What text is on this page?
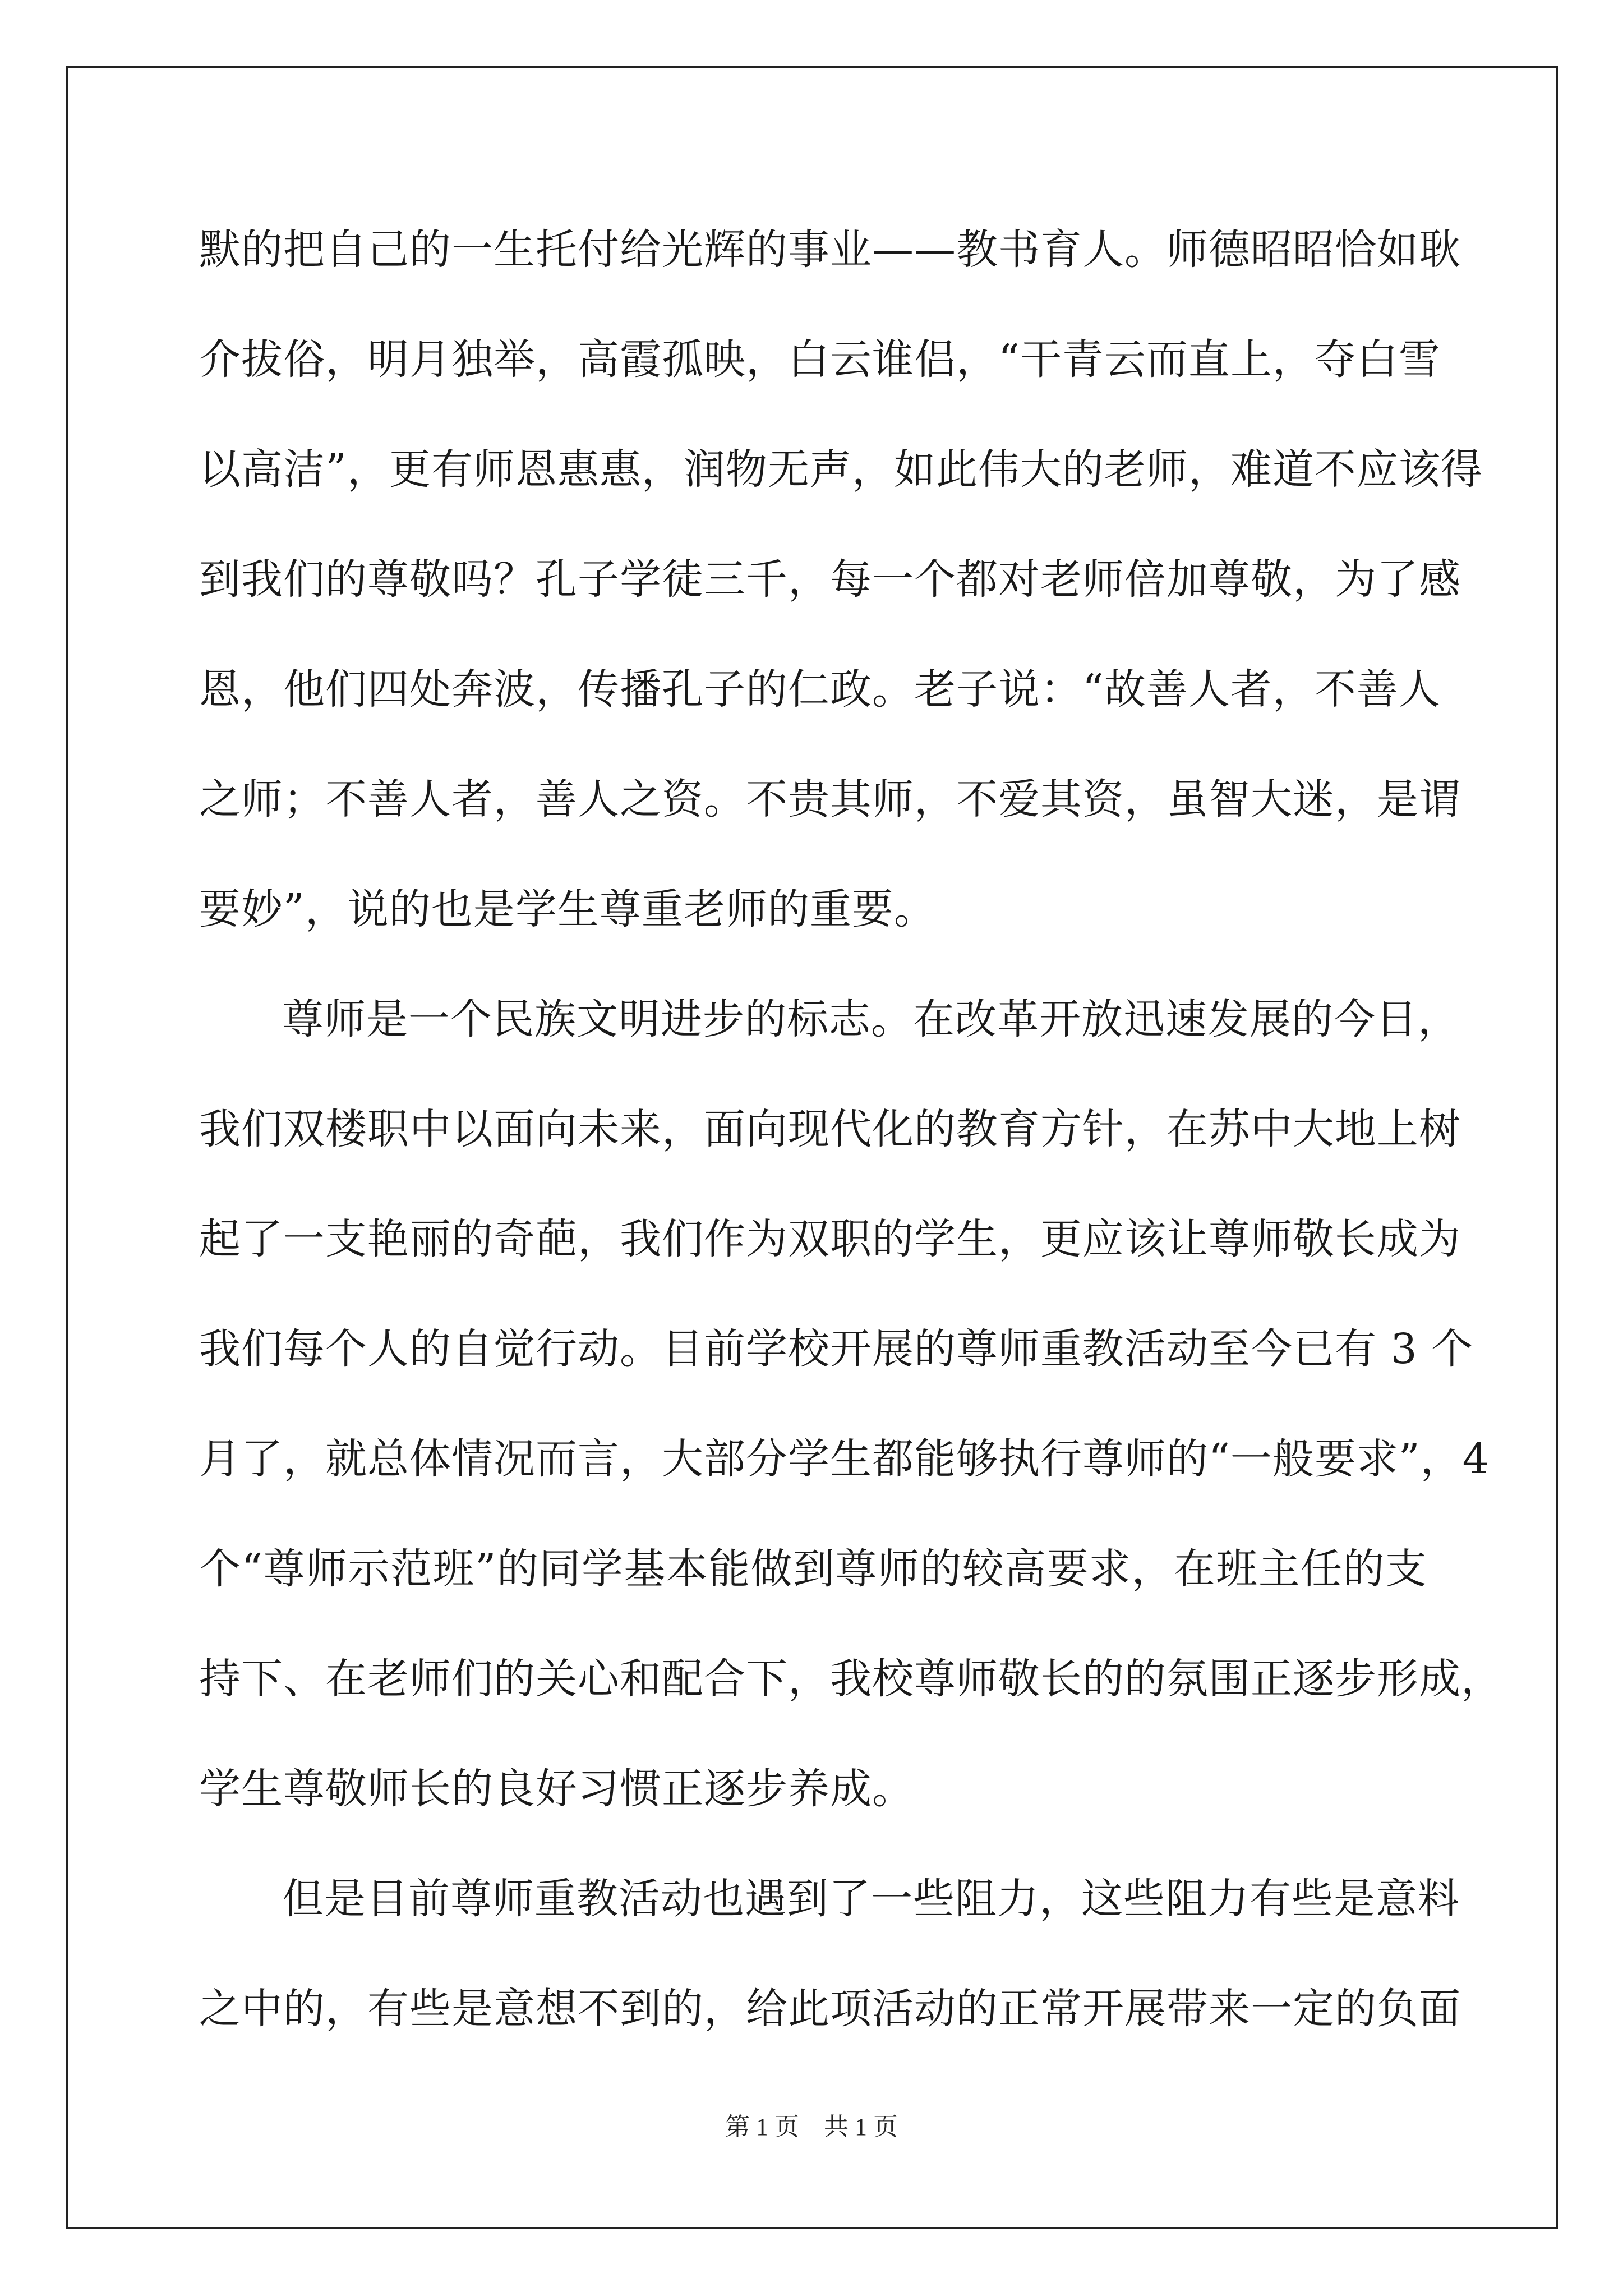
默的把自己的一生托付给光辉的事业——教书育人。师德昭昭恰如耿
介拔俗，明月独举，高霞孤映，白云谁侣，“干青云而直上，夺白雪
以高洁”，更有师恩惠惠，润物无声，如此伟大的老师，难道不应该得
到我们的尊敬吗？孔子学徒三千，每一个都对老师倍加尊敬，为了感
恩，他们四处奔波，传播孔子的仁政。老子说：“故善人者，不善人
之师；不善人者，善人之资。不贵其师，不爱其资，虽智大迷，是谓
要妙”，说的也是学生尊重老师的重要。
尊师是一个民族文明进步的标志。在改革开放迅速发展的今日，
我们双楼职中以面向未来，面向现代化的教育方针，在苏中大地上树
起了一支艳丽的奇葩，我们作为双职的学生，更应该让尊师敬长成为
我们每个人的自觉行动。目前学校开展的尊师重教活动至今已有 3 个
月了，就总体情况而言，大部分学生都能够执行尊师的“一般要求”，4
个“尊师示范班”的同学基本能做到尊师的较高要求，在班主任的支
持下、在老师们的关心和配合下，我校尊师敬长的的氛围正逐步形成，
学生尊敬师长的良好习惯正逐步养成。
但是目前尊师重教活动也遇到了一些阻力，这些阻力有些是意料
之中的，有些是意想不到的，给此项活动的正常开展带来一定的负面
第 1 页　共 1 页
